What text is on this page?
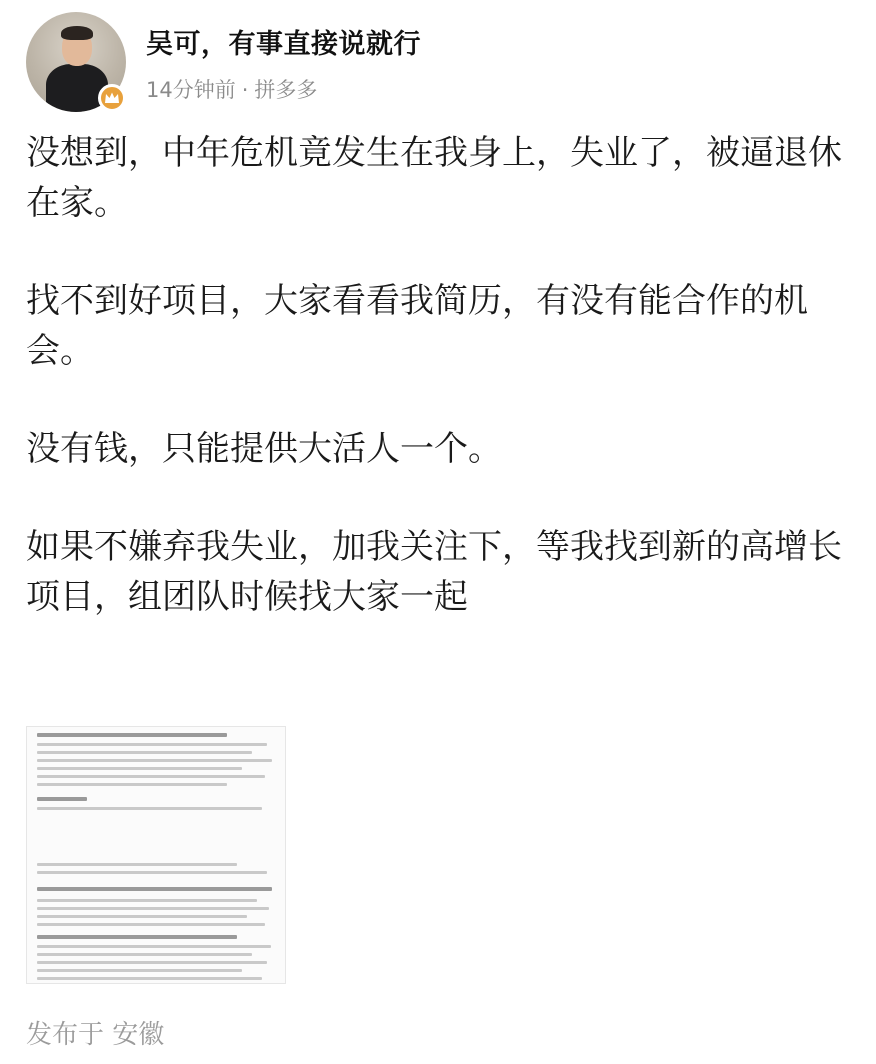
吴可，有事直接说就行
14分钟前 · 拼多多

没想到，中年危机竟发生在我身上，失业了，被逼退休在家。

找不到好项目，大家看看我简历，有没有能合作的机会。

没有钱，只能提供大活人一个。

如果不嫌弃我失业，加我关注下，等我找到新的高增长项目，组团队时候找大家一起

发布于 安徽
